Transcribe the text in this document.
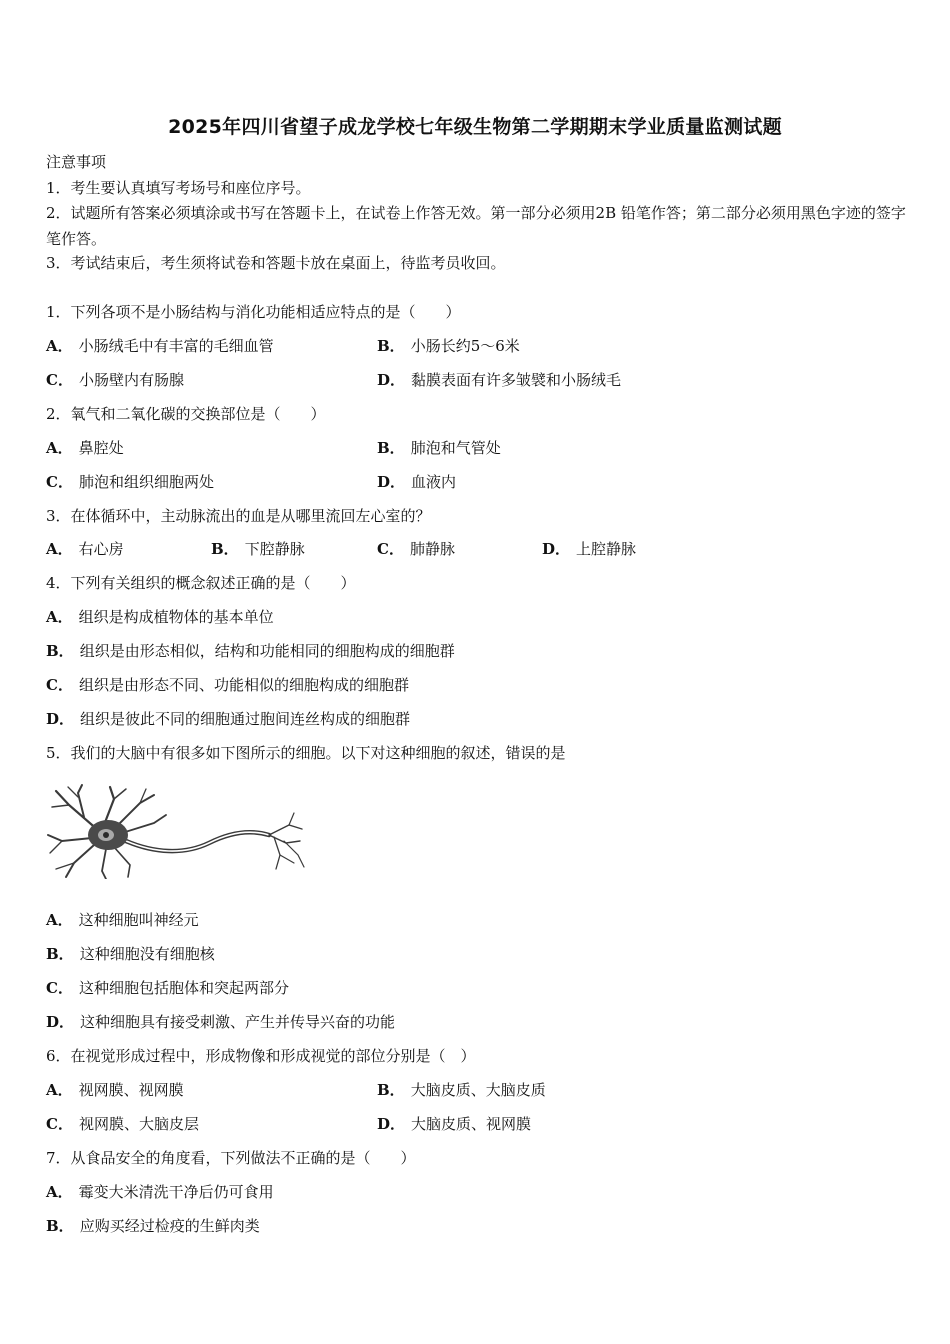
2025年四川省望子成龙学校七年级生物第二学期期末学业质量监测试题
注意事项
1．考生要认真填写考场号和座位序号。
2．试题所有答案必须填涂或书写在答题卡上，在试卷上作答无效。第一部分必须用2B 铅笔作答；第二部分必须用黑色字迹的签字笔作答。
3．考试结束后，考生须将试卷和答题卡放在桌面上，待监考员收回。
1．下列各项不是小肠结构与消化功能相适应特点的是（　　）
A． 小肠绒毛中有丰富的毛细血管	B． 小肠长约5～6米
C． 小肠壁内有肠腺	D． 黏膜表面有许多皱襞和小肠绒毛
2．氧气和二氧化碳的交换部位是（　　）
A． 鼻腔处	B． 肺泡和气管处
C． 肺泡和组织细胞两处	D． 血液内
3．在体循环中，主动脉流出的血是从哪里流回左心室的？
A． 右心房	B． 下腔静脉	C． 肺静脉	D． 上腔静脉
4．下列有关组织的概念叙述正确的是（　　）
A． 组织是构成植物体的基本单位
B． 组织是由形态相似，结构和功能相同的细胞构成的细胞群
C． 组织是由形态不同、功能相似的细胞构成的细胞群
D． 组织是彼此不同的细胞通过胞间连丝构成的细胞群
5．我们的大脑中有很多如下图所示的细胞。以下对这种细胞的叙述，错误的是
A． 这种细胞叫神经元
B． 这种细胞没有细胞核
C． 这种细胞包括胞体和突起两部分
D． 这种细胞具有接受刺激、产生并传导兴奋的功能
6．在视觉形成过程中，形成物像和形成视觉的部位分别是（　）
A． 视网膜、视网膜	B． 大脑皮质、大脑皮质
C． 视网膜、大脑皮层	D． 大脑皮质、视网膜
7．从食品安全的角度看，下列做法不正确的是（　　）
A． 霉变大米清洗干净后仍可食用
B． 应购买经过检疫的生鲜肉类
